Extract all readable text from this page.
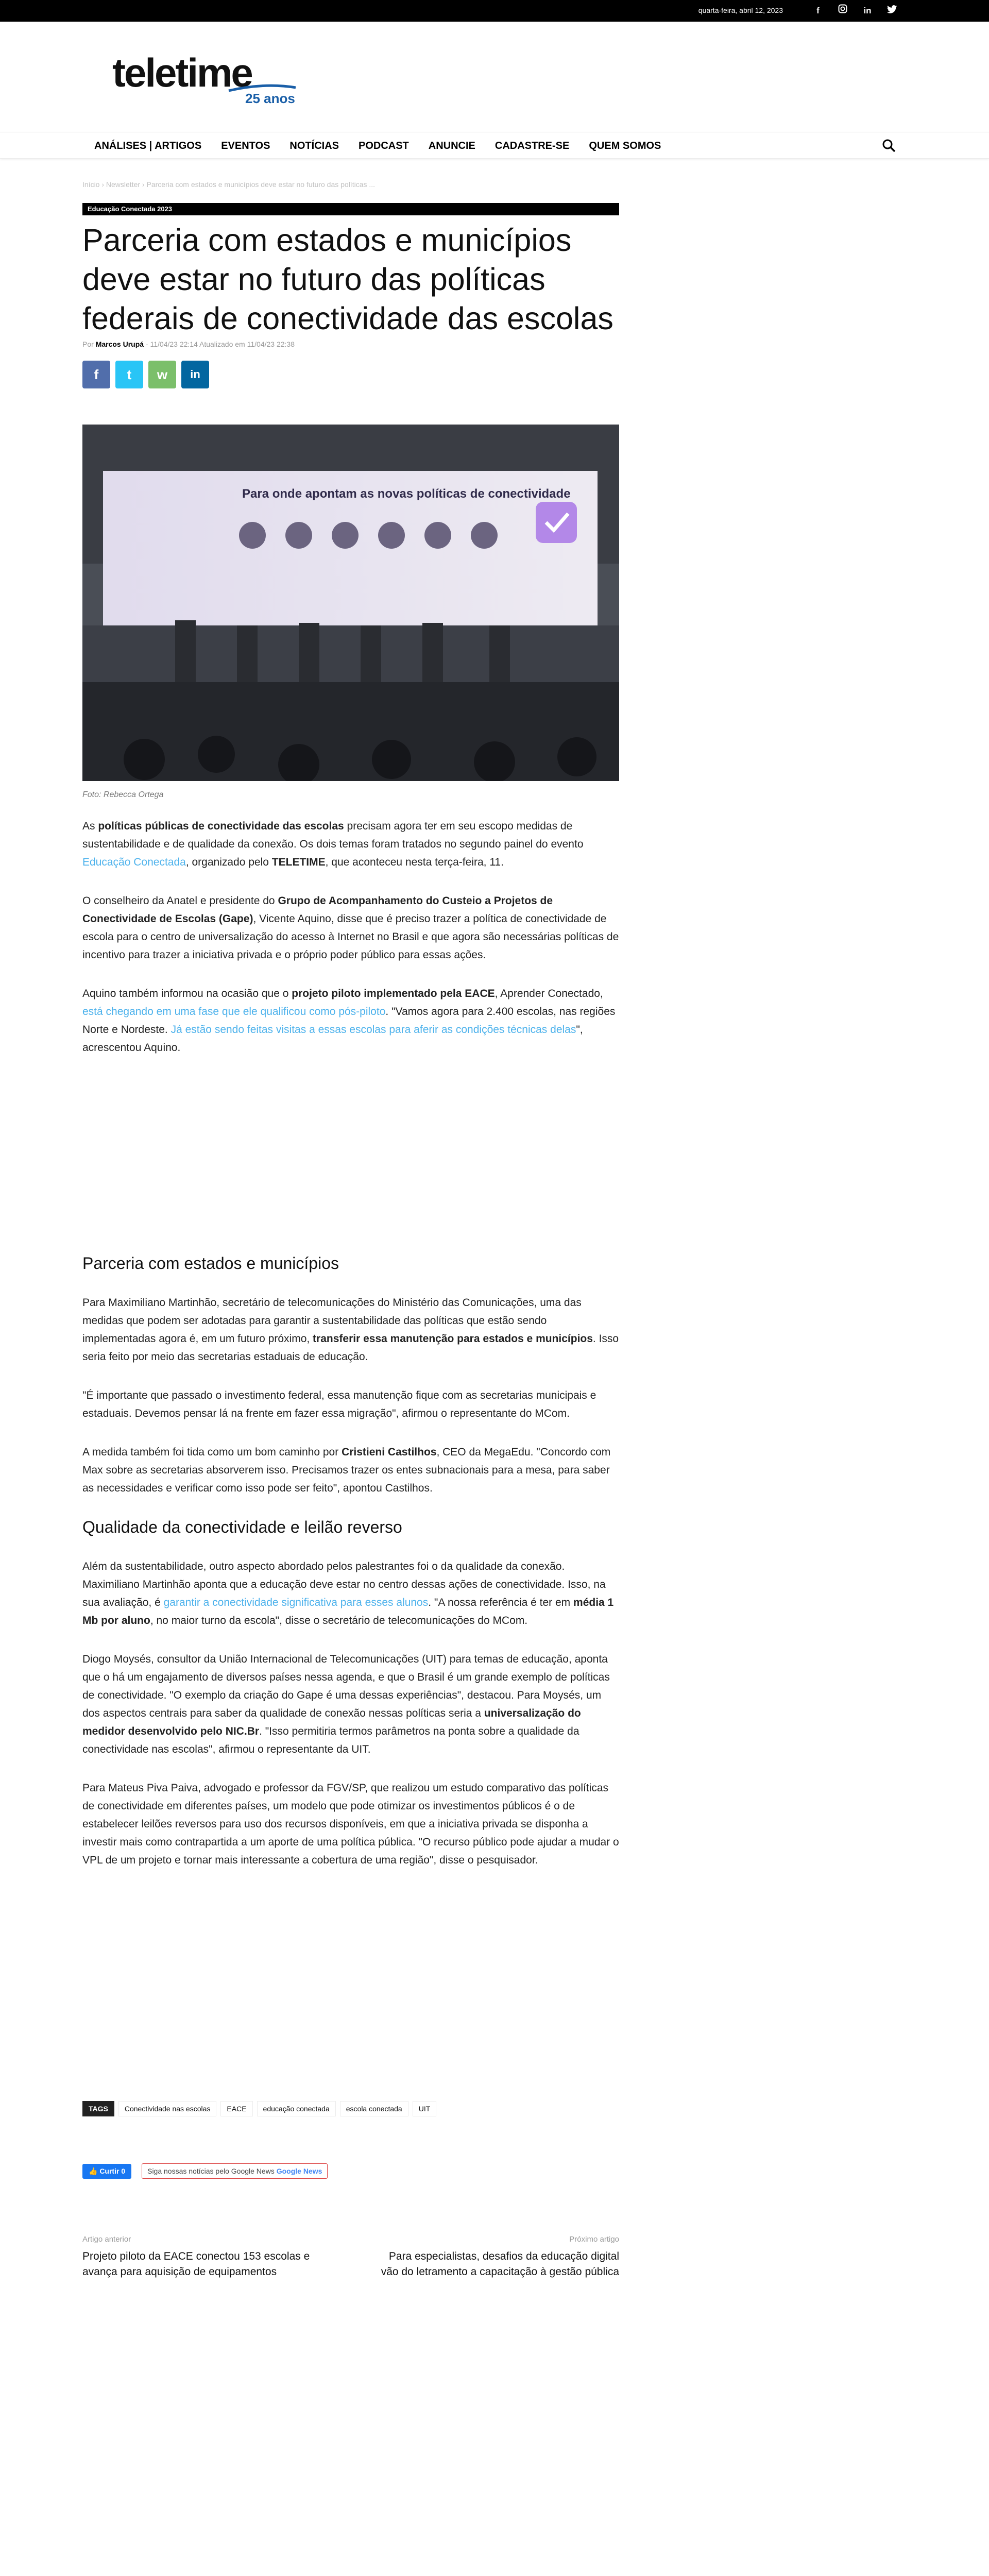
quarta-feira, abril 12, 2023	f	in
teletime
25 anos
ANÁLISES | ARTIGOS	EVENTOS	NOTÍCIAS	PODCAST	ANUNCIE	CADASTRE-SE	QUEM SOMOS
Início › Newsletter › Parceria com estados e municípios deve estar no futuro das políticas ...
Educação Conectada 2023
Parceria com estados e municípios deve estar no futuro das políticas federais de conectividade das escolas
Por Marcos Urupá - 11/04/23 22:14 Atualizado em 11/04/23 22:38
f	t	w	in
Para onde apontam as novas políticas de conectividade
Foto: Rebecca Ortega

As políticas públicas de conectividade das escolas precisam agora ter em seu escopo medidas de sustentabilidade e de qualidade da conexão. Os dois temas foram tratados no segundo painel do evento Educação Conectada, organizado pelo TELETIME, que aconteceu nesta terça-feira, 11.

O conselheiro da Anatel e presidente do Grupo de Acompanhamento do Custeio a Projetos de Conectividade de Escolas (Gape), Vicente Aquino, disse que é preciso trazer a política de conectividade de escola para o centro de universalização do acesso à Internet no Brasil e que agora são necessárias políticas de incentivo para trazer a iniciativa privada e o próprio poder público para essas ações.

Aquino também informou na ocasião que o projeto piloto implementado pela EACE, Aprender Conectado, está chegando em uma fase que ele qualificou como pós-piloto. "Vamos agora para 2.400 escolas, nas regiões Norte e Nordeste. Já estão sendo feitas visitas a essas escolas para aferir as condições técnicas delas", acrescentou Aquino.

Parceria com estados e municípios

Para Maximiliano Martinhão, secretário de telecomunicações do Ministério das Comunicações, uma das medidas que podem ser adotadas para garantir a sustentabilidade das políticas que estão sendo implementadas agora é, em um futuro próximo, transferir essa manutenção para estados e municípios. Isso seria feito por meio das secretarias estaduais de educação.

"É importante que passado o investimento federal, essa manutenção fique com as secretarias municipais e estaduais. Devemos pensar lá na frente em fazer essa migração", afirmou o representante do MCom.

A medida também foi tida como um bom caminho por Cristieni Castilhos, CEO da MegaEdu. "Concordo com Max sobre as secretarias absorverem isso. Precisamos trazer os entes subnacionais para a mesa, para saber as necessidades e verificar como isso pode ser feito", apontou Castilhos.

Qualidade da conectividade e leilão reverso

Além da sustentabilidade, outro aspecto abordado pelos palestrantes foi o da qualidade da conexão. Maximiliano Martinhão aponta que a educação deve estar no centro dessas ações de conectividade. Isso, na sua avaliação, é garantir a conectividade significativa para esses alunos. "A nossa referência é ter em média 1 Mb por aluno, no maior turno da escola", disse o secretário de telecomunicações do MCom.

Diogo Moysés, consultor da União Internacional de Telecomunicações (UIT) para temas de educação, aponta que o há um engajamento de diversos países nessa agenda, e que o Brasil é um grande exemplo de políticas de conectividade. "O exemplo da criação do Gape é uma dessas experiências", destacou. Para Moysés, um dos aspectos centrais para saber da qualidade de conexão nessas políticas seria a universalização do medidor desenvolvido pelo NIC.Br. "Isso permitiria termos parâmetros na ponta sobre a qualidade da conectividade nas escolas", afirmou o representante da UIT.

Para Mateus Piva Paiva, advogado e professor da FGV/SP, que realizou um estudo comparativo das políticas de conectividade em diferentes países, um modelo que pode otimizar os investimentos públicos é o de estabelecer leilões reversos para uso dos recursos disponíveis, em que a iniciativa privada se disponha a investir mais como contrapartida a um aporte de uma política pública. "O recurso público pode ajudar a mudar o VPL de um projeto e tornar mais interessante a cobertura de uma região", disse o pesquisador.

TAGS	Conectividade nas escolas	EACE	educação conectada	escola conectada	UIT
👍 Curtir 0	Siga nossas notícias pelo Google News Google News
Artigo anterior
Projeto piloto da EACE conectou 153 escolas e avança para aquisição de equipamentos
Próximo artigo
Para especialistas, desafios da educação digital vão do letramento a capacitação à gestão pública
